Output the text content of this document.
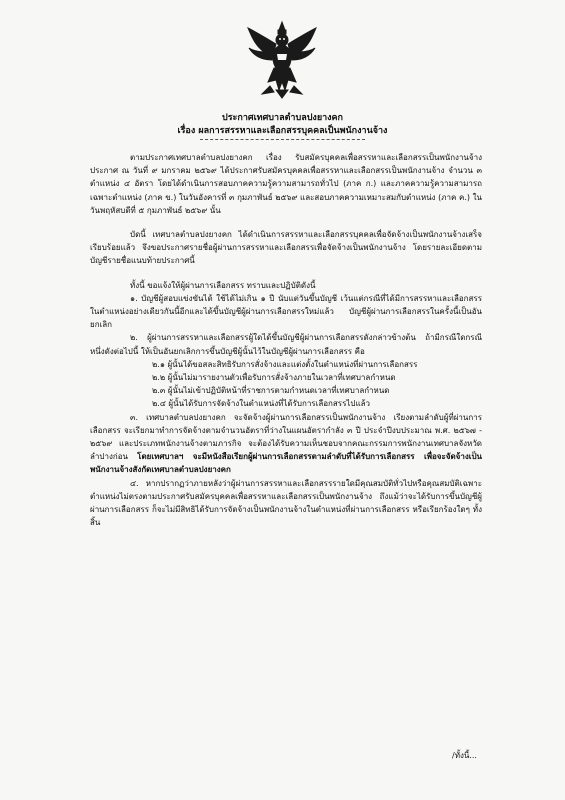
ประกาศเทศบาลตำบลปงยางคก
เรื่อง ผลการสรรหาและเลือกสรรบุคคลเป็นพนักงานจ้าง

ตามประกาศเทศบาลตำบลปงยางคก เรื่อง รับสมัครบุคคลเพื่อสรรหาและเลือกสรรเป็นพนักงานจ้าง ประกาศ ณ วันที่ ๙ มกราคม ๒๕๖๙ ได้ประกาศรับสมัครบุคคลเพื่อสรรหาและเลือกสรรเป็นพนักงานจ้าง จำนวน ๓ ตำแหน่ง ๔ อัตรา โดยได้ดำเนินการสอบภาคความรู้ความสามารถทั่วไป (ภาค ก.) และภาคความรู้ความสามารถเฉพาะตำแหน่ง (ภาค ข.) ในวันอังคารที่ ๓ กุมภาพันธ์ ๒๕๖๙ และสอบภาคความเหมาะสมกับตำแหน่ง (ภาค ค.) ในวันพฤหัสบดีที่ ๕ กุมภาพันธ์ ๒๕๖๙ นั้น

บัดนี้ เทศบาลตำบลปงยางคก ได้ดำเนินการสรรหาและเลือกสรรบุคคลเพื่อจัดจ้างเป็นพนักงานจ้างเสร็จเรียบร้อยแล้ว จึงขอประกาศรายชื่อผู้ผ่านการสรรหาและเลือกสรรเพื่อจัดจ้างเป็นพนักงานจ้าง โดยรายละเอียดตามบัญชีรายชื่อแนบท้ายประกาศนี้

ทั้งนี้ ขอแจ้งให้ผู้ผ่านการเลือกสรร ทราบและปฏิบัติดังนี้

๑. บัญชีผู้สอบแข่งขันได้ ใช้ได้ไม่เกิน ๑ ปี นับแต่วันขึ้นบัญชี เว้นแต่กรณีที่ได้มีการสรรหาและเลือกสรรในตำแหน่งอย่างเดียวกันนี้อีกและได้ขึ้นบัญชีผู้ผ่านการเลือกสรรใหม่แล้ว บัญชีผู้ผ่านการเลือกสรรในครั้งนี้เป็นอันยกเลิก

๒. ผู้ผ่านการสรรหาและเลือกสรรผู้ใดได้ขึ้นบัญชีผู้ผ่านการเลือกสรรดังกล่าวข้างต้น ถ้ามีกรณีใดกรณีหนึ่งดังต่อไปนี้ ให้เป็นอันยกเลิกการขึ้นบัญชีผู้นั้นไว้ในบัญชีผู้ผ่านการเลือกสรร คือ

๒.๑ ผู้นั้นได้ขอสละสิทธิรับการสั่งจ้างและแต่งตั้งในตำแหน่งที่ผ่านการเลือกสรร

๒.๒ ผู้นั้นไม่มารายงานตัวเพื่อรับการสั่งจ้างภายในเวลาที่เทศบาลกำหนด

๒.๓ ผู้นั้นไม่เข้าปฏิบัติหน้าที่ราชการตามกำหนดเวลาที่เทศบาลกำหนด

๒.๔ ผู้นั้นได้รับการจัดจ้างในตำแหน่งที่ได้รับการเลือกสรรไปแล้ว

๓. เทศบาลตำบลปงยางคก จะจัดจ้างผู้ผ่านการเลือกสรรเป็นพนักงานจ้าง เรียงตามลำดับผู้ที่ผ่านการเลือกสรร จะเรียกมาทำการจัดจ้างตามจำนวนอัตราที่ว่างในแผนอัตรากำลัง ๓ ปี ประจำปีงบประมาณ พ.ศ. ๒๕๖๗ - ๒๕๖๙ และประเภทพนักงานจ้างตามภารกิจ จะต้องได้รับความเห็นชอบจากคณะกรรมการพนักงานเทศบาลจังหวัดลำปางก่อน โดยเทศบาลฯ จะมีหนังสือเรียกผู้ผ่านการเลือกสรรตามลำดับที่ได้รับการเลือกสรร เพื่อจะจัดจ้างเป็นพนักงานจ้างสังกัดเทศบาลตำบลปงยางคก

๔. หากปรากฏว่าภายหลังว่าผู้ผ่านการสรรหาและเลือกสรรรายใดมีคุณสมบัติทั่วไปหรือคุณสมบัติเฉพาะตำแหน่งไม่ตรงตามประกาศรับสมัครบุคคลเพื่อสรรหาและเลือกสรรเป็นพนักงานจ้าง ถึงแม้ว่าจะได้รับการขึ้นบัญชีผู้ผ่านการเลือกสรร ก็จะไม่มีสิทธิได้รับการจัดจ้างเป็นพนักงานจ้างในตำแหน่งที่ผ่านการเลือกสรร หรือเรียกร้องใดๆ ทั้งสิ้น

/ทั้งนี้...
